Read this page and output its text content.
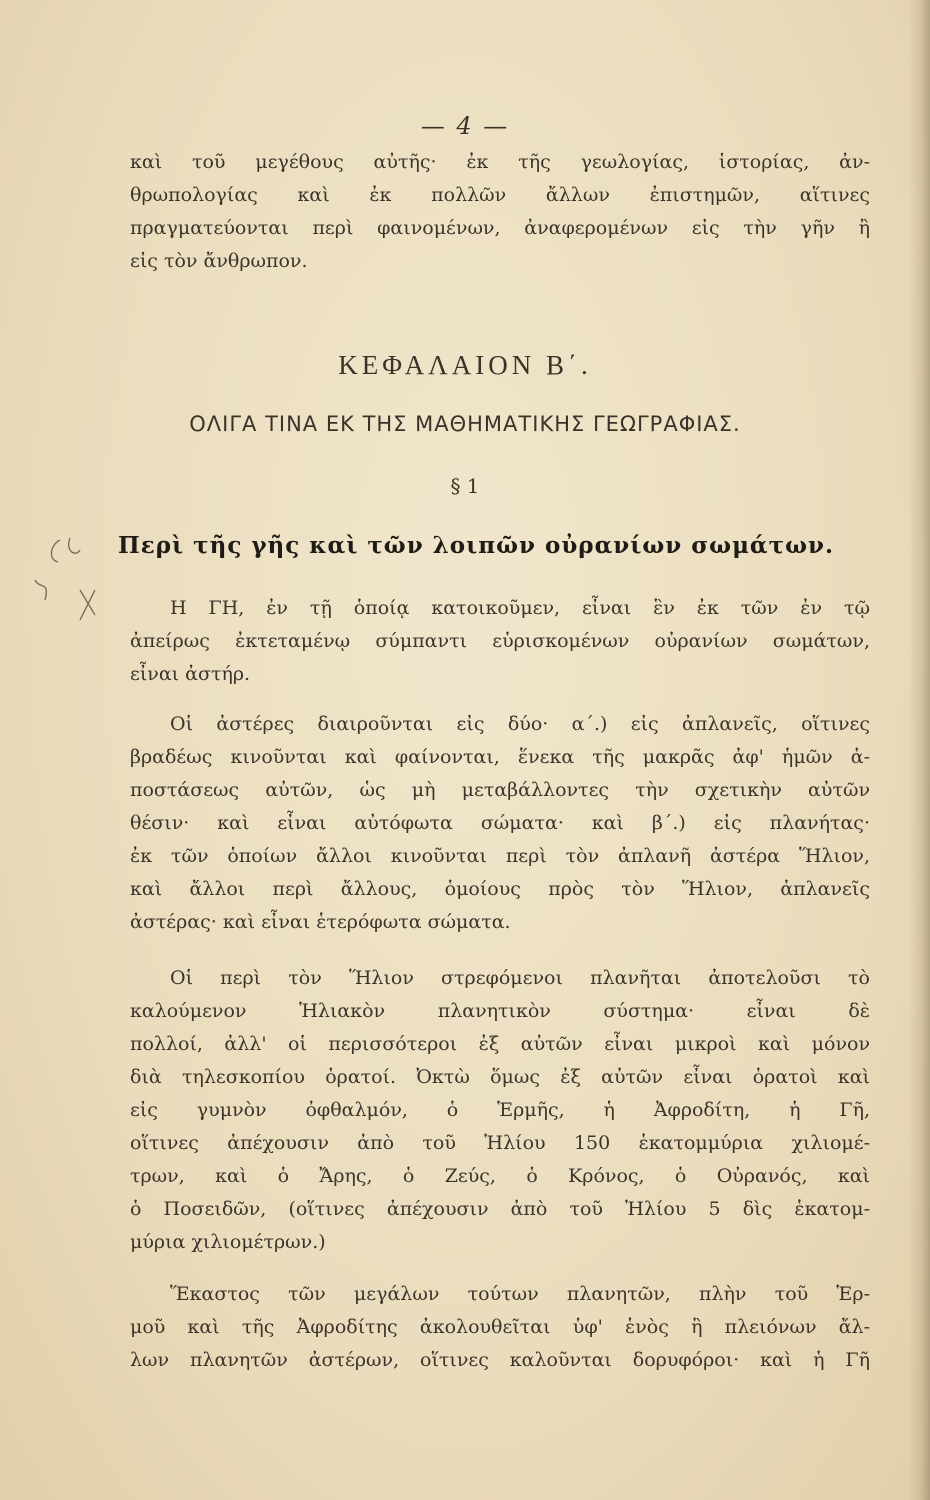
— 4 —
καὶ τοῦ μεγέθους αὐτῆς· ἐκ τῆς γεωλογίας, ἱστορίας, ἀν-
θρωπολογίας καὶ ἐκ πολλῶν ἄλλων ἐπιστημῶν, αἵτινες
πραγματεύονται περὶ φαινομένων, ἀναφερομένων εἰς τὴν γῆν ἢ
εἰς τὸν ἄνθρωπον.
ΚΕΦΑΛΑΙΟΝ Β΄.
ΟΛΙΓΑ ΤΙΝΑ ΕΚ ΤΗΣ ΜΑΘΗΜΑΤΙΚΗΣ ΓΕΩΓΡΑΦΙΑΣ.
§ 1
Περὶ τῆς γῆς καὶ τῶν λοιπῶν οὐρανίων σωμάτων.
Η ΓΗ, ἐν τῇ ὁποίᾳ κατοικοῦμεν, εἶναι ἓν ἐκ τῶν ἐν τῷ
ἀπείρως ἐκτεταμένῳ σύμπαντι εὑρισκομένων οὐρανίων σωμάτων,
εἶναι ἀστήρ.
Οἱ ἀστέρες διαιροῦνται εἰς δύο· α΄.) εἰς ἀπλανεῖς, οἵτινες
βραδέως κινοῦνται καὶ φαίνονται, ἕνεκα τῆς μακρᾶς ἀφ' ἡμῶν ἀ-
ποστάσεως αὐτῶν, ὡς μὴ μεταβάλλοντες τὴν σχετικὴν αὐτῶν
θέσιν· καὶ εἶναι αὐτόφωτα σώματα· καὶ β΄.) εἰς πλανήτας·
ἐκ τῶν ὁποίων ἄλλοι κινοῦνται περὶ τὸν ἀπλανῆ ἀστέρα Ἥλιον,
καὶ ἄλλοι περὶ ἄλλους, ὁμοίους πρὸς τὸν Ἥλιον, ἀπλανεῖς
ἀστέρας· καὶ εἶναι ἑτερόφωτα σώματα.
Οἱ περὶ τὸν Ἥλιον στρεφόμενοι πλανῆται ἀποτελοῦσι τὸ
καλούμενον Ἡλιακὸν πλανητικὸν σύστημα· εἶναι δὲ
πολλοί, ἀλλ' οἱ περισσότεροι ἐξ αὐτῶν εἶναι μικροὶ καὶ μόνον
διὰ τηλεσκοπίου ὁρατοί. Ὀκτὼ ὅμως ἐξ αὐτῶν εἶναι ὁρατοὶ καὶ
εἰς γυμνὸν ὀφθαλμόν, ὁ Ἑρμῆς, ἡ Ἀφροδίτη, ἡ Γῆ,
οἵτινες ἀπέχουσιν ἀπὸ τοῦ Ἡλίου 150 ἑκατομμύρια χιλιομέ-
τρων, καὶ ὁ Ἄρης, ὁ Ζεύς, ὁ Κρόνος, ὁ Οὐρανός, καὶ
ὁ Ποσειδῶν, (οἵτινες ἀπέχουσιν ἀπὸ τοῦ Ἡλίου 5 δὶς ἑκατομ-
μύρια χιλιομέτρων.)
Ἕκαστος τῶν μεγάλων τούτων πλανητῶν, πλὴν τοῦ Ἑρ-
μοῦ καὶ τῆς Ἀφροδίτης ἀκολουθεῖται ὑφ' ἑνὸς ἢ πλειόνων ἄλ-
λων πλανητῶν ἀστέρων, οἵτινες καλοῦνται δορυφόροι· καὶ ἡ Γῆ
